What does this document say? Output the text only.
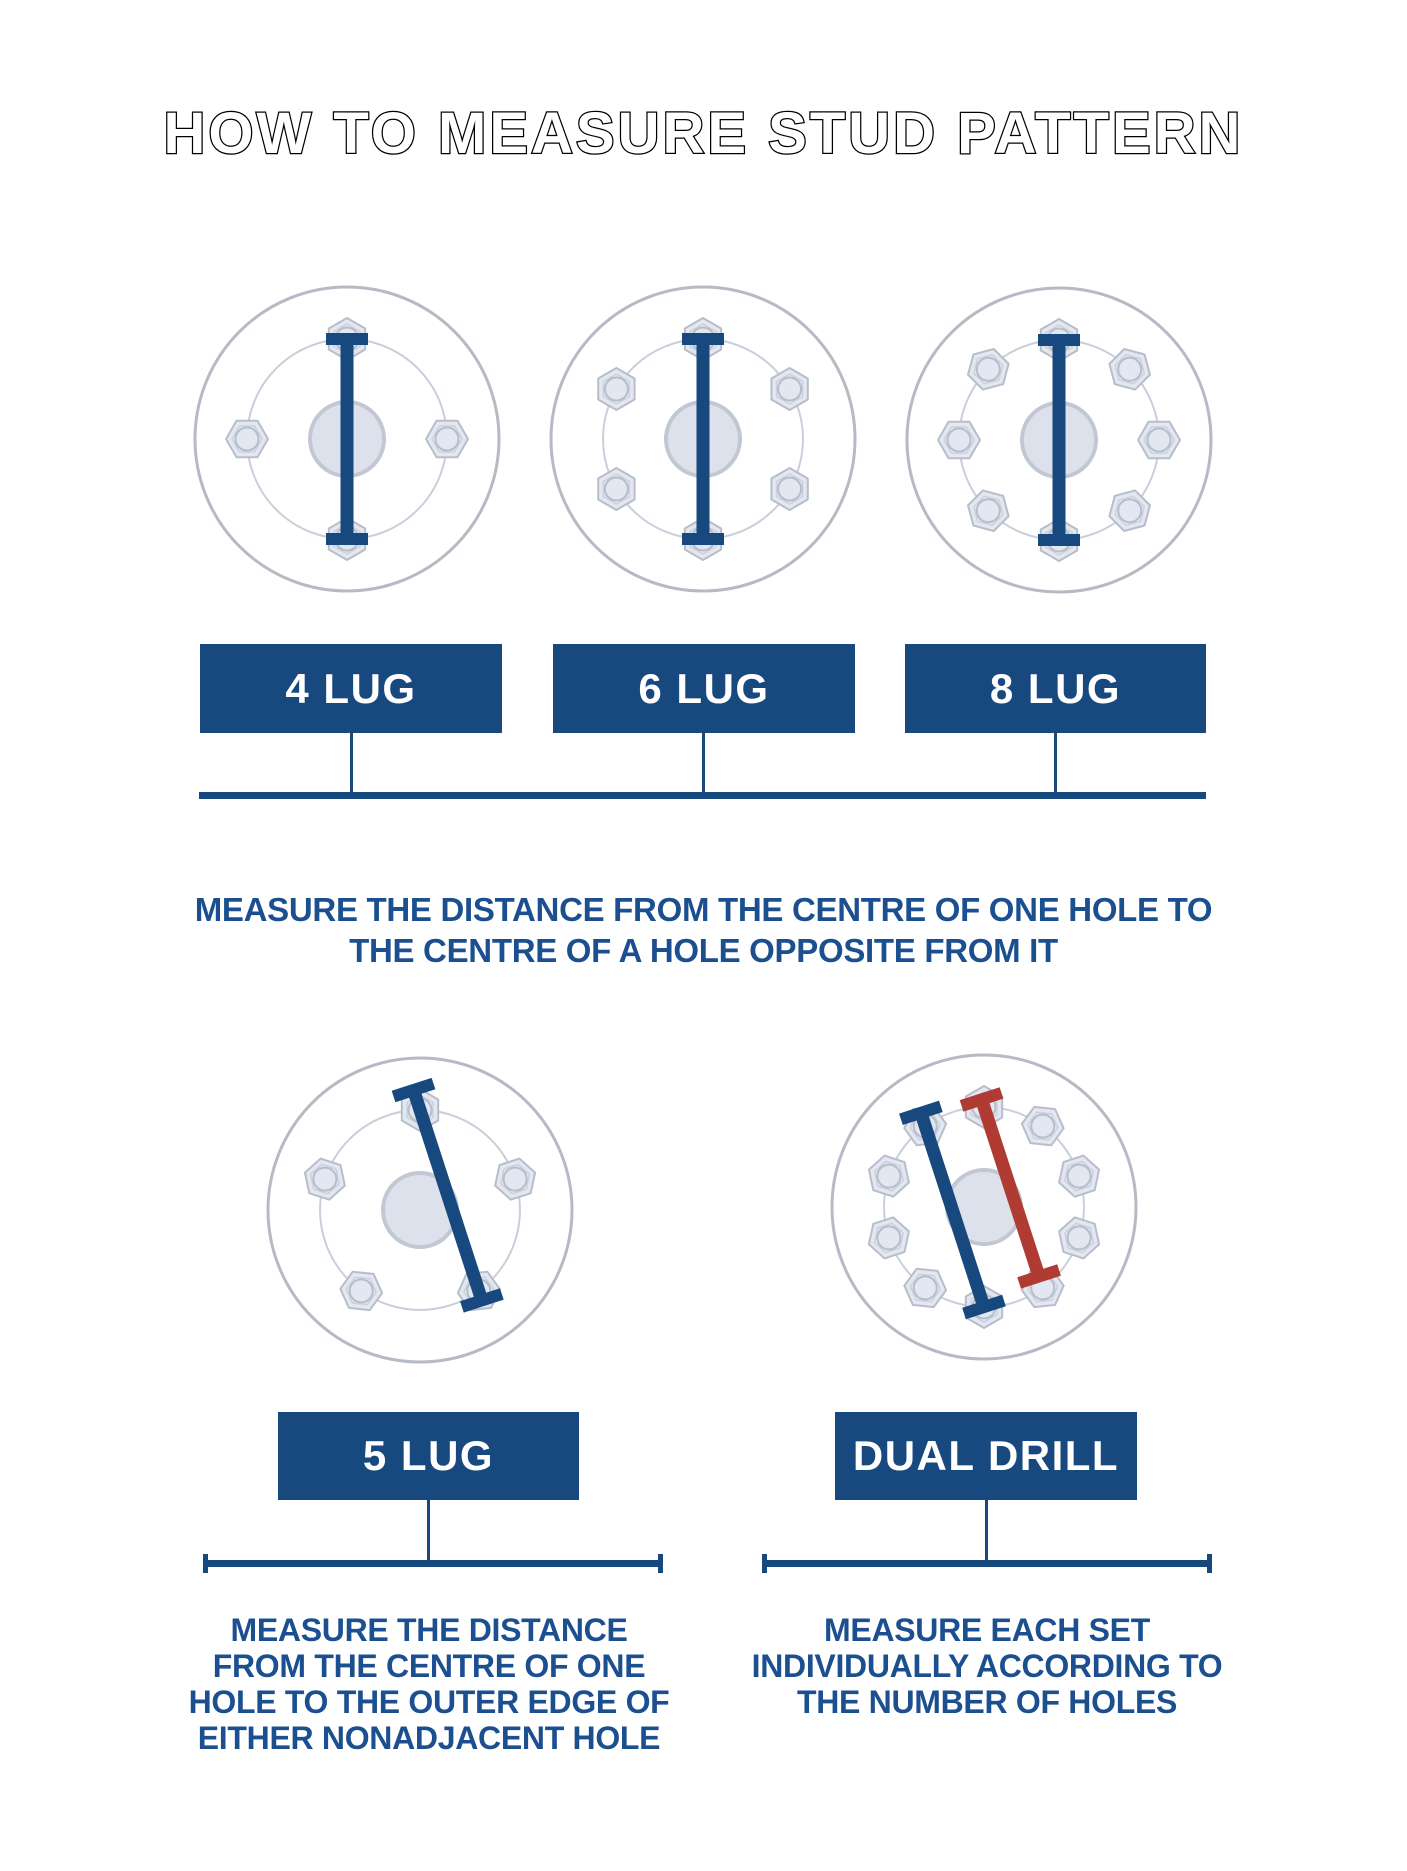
HOW TO MEASURE STUD PATTERN
4 LUG	6 LUG	8 LUG
MEASURE THE DISTANCE FROM THE CENTRE OF ONE HOLE TO
THE CENTRE OF A HOLE OPPOSITE FROM IT
5 LUG	DUAL DRILL
MEASURE THE DISTANCE
FROM THE CENTRE OF ONE
HOLE TO THE OUTER EDGE OF
EITHER NONADJACENT HOLE
MEASURE EACH SET
INDIVIDUALLY ACCORDING TO
THE NUMBER OF HOLES
